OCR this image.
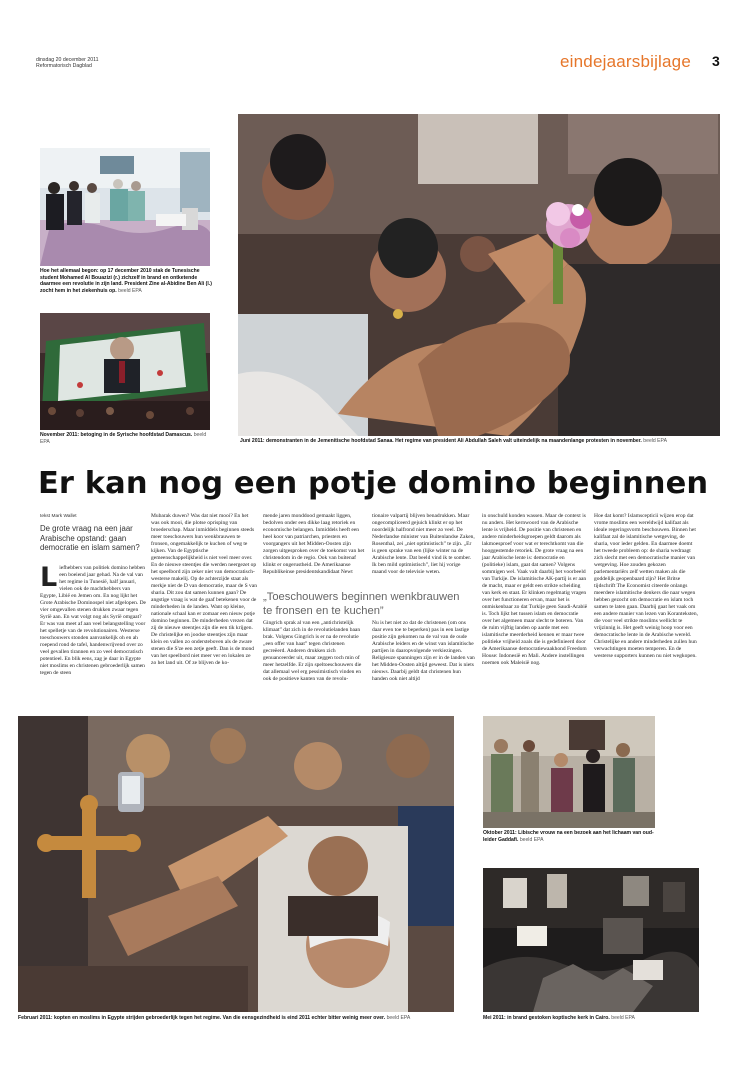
dinsdag 20 december 2011
Reformatorisch Dagblad	eindejaarsbijlage 3
Hoe het allemaal begon: op 17 december 2010 stak de Tunesische student Mohamed Al Bouazizi (r.) zichzelf in brand en ontketende daarmee een revolutie in zijn land. President Zine al-Abidine Ben Ali (l.) zocht hem in het ziekenhuis op. beeld EPA
November 2011: betoging in de Syrische hoofdstad Damascus. beeld EPA	Juni 2011: demonstranten in de Jemenitische hoofdstad Sanaa. Het regime van president Ali Abdullah Saleh valt uiteindelijk na maandenlange protesten in november. beeld EPA
Er kan nog een potje domino beginnen
tekst Mark Wallet
De grote vraag na een jaar Arabische opstand: gaan democratie en islam samen?
Liefhebbers van politiek domino hebben een boeiend jaar gehad. Na de val van het regime in Tunesië, half januari, vielen ook de machthebbers van Egypte, Libië en Jemen om. En nog lijkt het Grote Arabische Dominospel niet afgelopen. De vier omgevallen stenen drukken zwaar tegen Syrië aan. En wat volgt nog als Syrië omgaat? Er was van meet af aan veel belangstelling voor het spelletje van de revolutionairen. Westerse toeschouwers stonden aanvankelijk oh en ah roepend rond de tafel, handenwrijvend over zo veel gevallen tirannen en zo veel democratisch potentieel. En blik eens, zag je daar in Egypte niet moslims en christenen gebroederlijk samen tegen de steen
Mubarak duwen? Was dat niet mooi? En het was ook mooi, die plotse oprisping van broederschap. Maar inmiddels beginnen steeds meer toeschouwers hun wenkbrauwen te fronsen, ongemakkelijk te kuchen of weg te kijken. Van de Egyptische gemeenschappelijkheid is niet veel meer over. En de nieuwe steentjes die werden neergezet op het speelbord zijn zeker niet van democratisch-westerse makelij. Op de achterzijde staat als merkje niet de D van democratie, maar de S van sharia. Dit zou dat samen kunnen gaan? De angstige vraag is wat de gaaf betekenen voor de minderheden in de landen. Want op kleine, nationale schaal kan er zomaar een nieuw potje domino beginnen. De minderheden vrezen dat zij de nieuwe steentjes zijn die een tik krijgen. De christelijke en joodse steentjes zijn maar klein en vallen zo ondersteboven als de zware stenen die S'ze een zetje geeft. Dan is de mond van het speelbord niet meer ver en lokalen ze zo het land uit. Of ze blijven de ko-
mende jaren monddood gemaakt liggen, bedolven onder een dikke laag retoriek en economische belangen. Inmiddels heeft een heel koor van patriarchen, priesters en voorgangers uit het Midden-Oosten zijn zorgen uitgesproken over de toekomst van het christendom in de regio. Ook van buitenaf klinkt er ongerustheid. De Amerikaanse Republikeinse presidentskandidaat Newt
„Toeschouwers beginnen wenkbrauwen te fronsen en te kuchen”
Gingrich sprak al van een „antichristelijk klimaat” dat zich in de revolutielanden baan brak. Volgens Gingrich is er na de revolutie „een offer van haat” tegen christenen gecreëerd. Anderen drukken zich genuanceerder uit, maar zeggen toch min of meer hetzelfde. Er zijn speltoeschouwers die dat allemaal wel erg pessimistisch vinden en ook de positieve kanten van de revolu-
tionaire valpartij blijven benadrukken. Maar ongecompliceerd gejuich klinkt er op het noordelijk halfrond niet meer zo veel. De Nederlandse minister van Buitenlandse Zaken, Rosenthal, zei „niet optimistisch” te zijn. „Er is geen sprake van een (lijke winter na de Arabische lente. Dat beeld vind ik te somber. Ik ben mild optimistisch”, liet hij vorige maand voor de televisie weten.
Nu is het niet zo dat de christenen (om ons daar even toe te beperken) pas in een lastige positie zijn gekomen na de val van de oude Arabische leiders en de winst van islamitische partijen in daaropvolgende verkiezingen. Religieuze spanningen zijn er in de landen van het Midden-Oosten altijd geweest. Dat is niets nieuws. Daarbij geldt dat christenen hun handen ook niet altijd
in onschuld konden wassen. Maar de context is nu anders. Het kernwoord van de Arabische lente is vrijheid. De positie van christenen en andere minderheidsgroepen geldt daarom als lakmoesproef voor wat er terechtkomt van die hooggestemde retoriek. De grote vraag na een jaar Arabische lente is: democratie en (politieke) islam, gaat dat samen? Volgens sommigen wel. Vaak valt daarbij het voorbeeld van Turkije. De islamitische AK-partij is er aan de macht, maar er geldt een strikte scheiding van kerk en staat. Er klinken regelmatig vragen over het functioneren ervan, maar het is onmiskenbaar zo dat Turkije geen Saudi-Arabië is. Toch lijkt het tussen islam en democratie over het algemeen maar slecht te boteren. Van de ruim vijftig landen op aarde met een islamitische meerderheid kennen er maar twee politieke vrijheid zoals die is gedefinieerd door de Amerikaanse democratiewaakhond Freedom House: Indonesië en Mali. Andere instellingen noemen ook Maleisië nog.
Hoe dat komt? Islamscepticii wijzen erop dat vrome moslims een wereldwijd kalifaat als ideale regeringsvorm beschouwen. Binnen het kalifaat zal de islamitische wetgeving, de sharia, voor ieder gelden. En daarmee doemt het tweede probleem op: de sharia wedraagt zich slecht met een democratische manier van wetgeving. Hoe zouden gekozen parlementariërs zelf wetten maken als die goddelijk geopenbaard zijn? Het Britse tijdschrift The Economist citeerde onlangs meerdere islamitische denkers die naar wegen hebben gezocht om democratie en islam toch samen te laten gaan. Daarbij gaat het vaak om een andere manier van lezen van Koranteksten, die voor veel strikte moslims wellicht te vrijzinnig is. Het geeft weinig hoop voor een democratische lente in de Arabische wereld. Christelijke en andere minderheden zullen hun verwachtingen moeten temperen. En de westerse supporters kunnen nu niet wegkopen.
Februari 2011: kopten en moslims in Egypte strijden gebroederlijk tegen het regime. Van die eensgezindheid is eind 2011 echter bitter weinig meer over. beeld EPA
Oktober 2011: Libische vrouw na een bezoek aan het lichaam van oud-leider Gaddafi. beeld EPA
Mei 2011: in brand gestoken koptische kerk in Cairo. beeld EPA
